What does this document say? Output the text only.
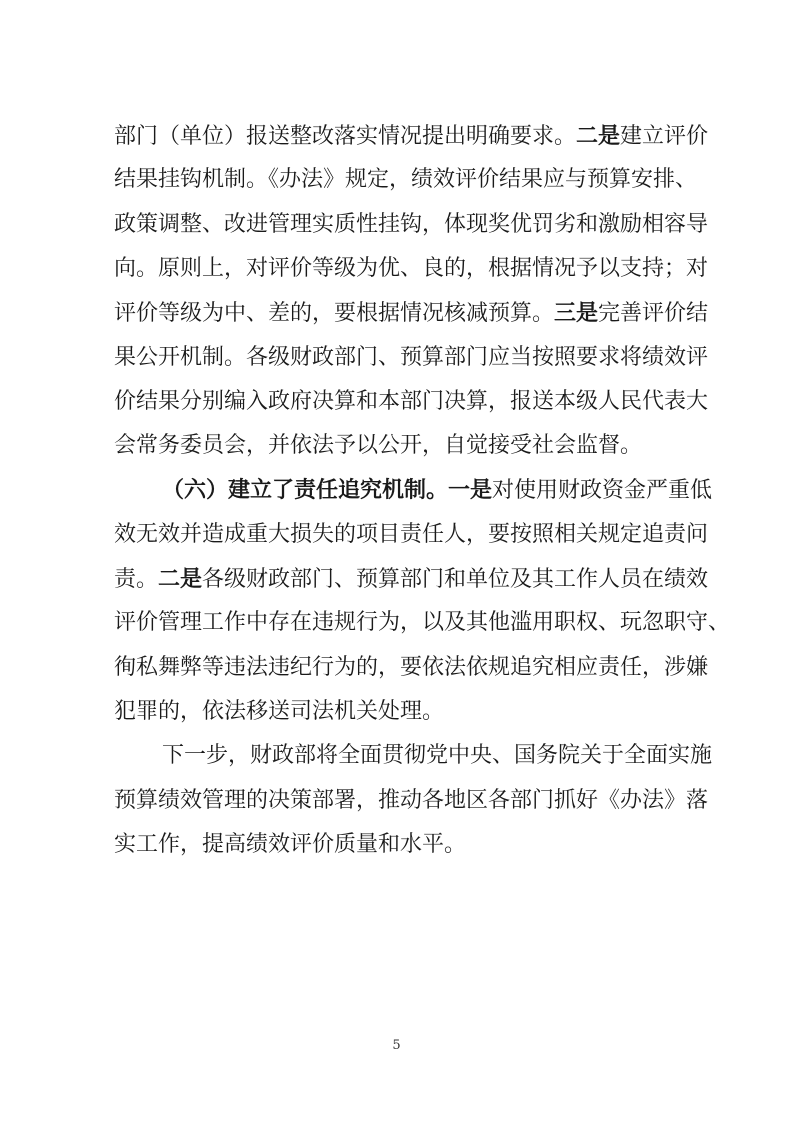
部门（单位）报送整改落实情况提出明确要求。二是建立评价
结果挂钩机制。《办法》规定，绩效评价结果应与预算安排、
政策调整、改进管理实质性挂钩，体现奖优罚劣和激励相容导
向。原则上，对评价等级为优、良的，根据情况予以支持；对
评价等级为中、差的，要根据情况核减预算。三是完善评价结
果公开机制。各级财政部门、预算部门应当按照要求将绩效评
价结果分别编入政府决算和本部门决算，报送本级人民代表大
会常务委员会，并依法予以公开，自觉接受社会监督。
（六）建立了责任追究机制。一是对使用财政资金严重低
效无效并造成重大损失的项目责任人，要按照相关规定追责问
责。二是各级财政部门、预算部门和单位及其工作人员在绩效
评价管理工作中存在违规行为，以及其他滥用职权、玩忽职守、
徇私舞弊等违法违纪行为的，要依法依规追究相应责任，涉嫌
犯罪的，依法移送司法机关处理。
下一步，财政部将全面贯彻党中央、国务院关于全面实施
预算绩效管理的决策部署，推动各地区各部门抓好《办法》落
实工作，提高绩效评价质量和水平。
5
